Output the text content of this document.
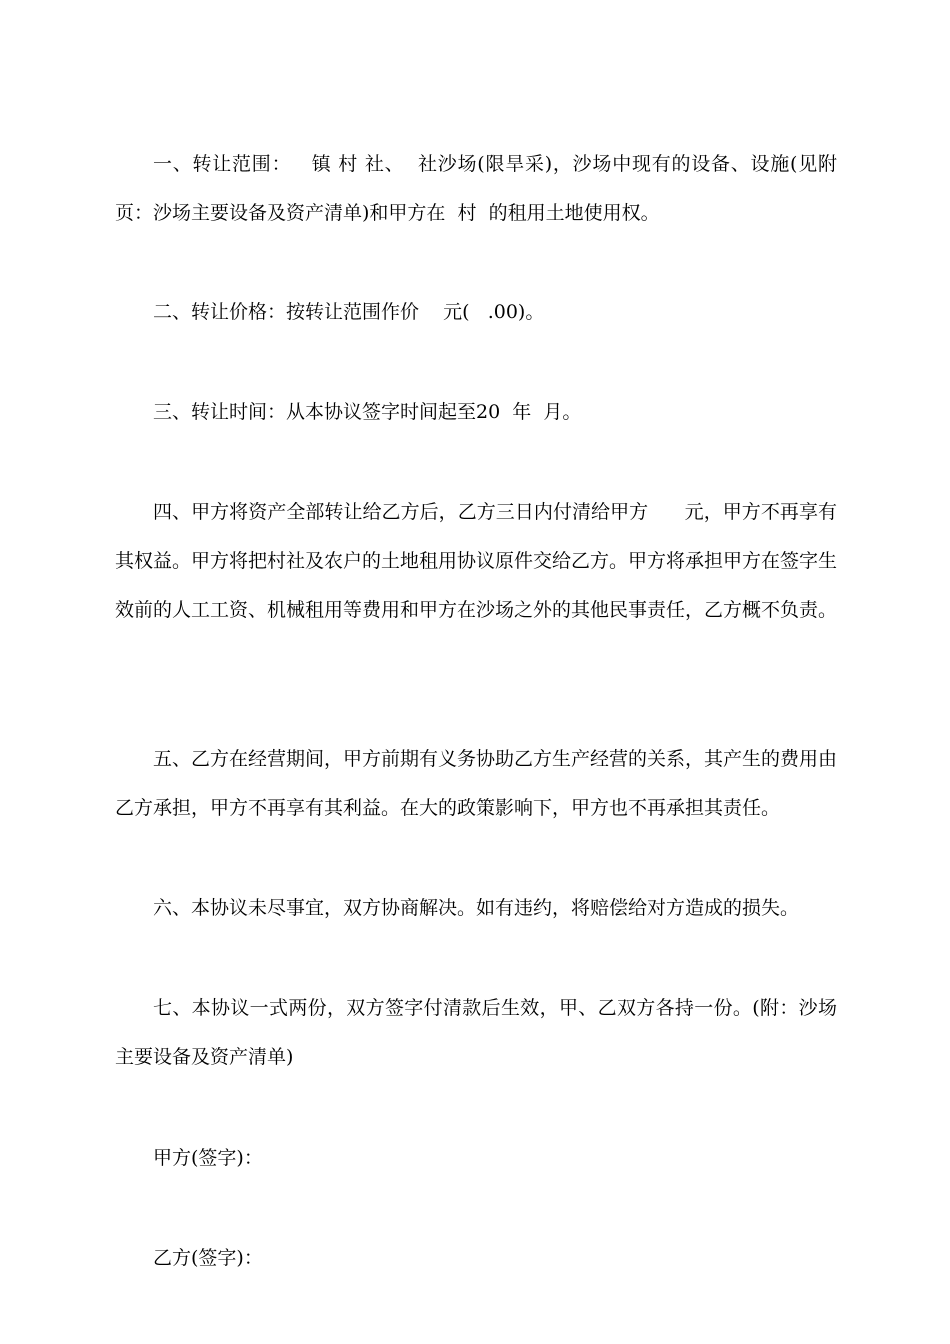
一、转让范围：   镇 村 社、  社沙场(限旱采)，沙场中现有的设备、设施(见附页：沙场主要设备及资产清单)和甲方在  村  的租用土地使用权。

二、转让价格：按转让范围作价    元(   .00)。

三、转让时间：从本协议签字时间起至20  年  月。

四、甲方将资产全部转让给乙方后，乙方三日内付清给甲方      元，甲方不再享有其权益。甲方将把村社及农户的土地租用协议原件交给乙方。甲方将承担甲方在签字生效前的人工工资、机械租用等费用和甲方在沙场之外的其他民事责任，乙方概不负责。

五、乙方在经营期间，甲方前期有义务协助乙方生产经营的关系，其产生的费用由乙方承担，甲方不再享有其利益。在大的政策影响下，甲方也不再承担其责任。

六、本协议未尽事宜，双方协商解决。如有违约，将赔偿给对方造成的损失。

七、本协议一式两份，双方签字付清款后生效，甲、乙双方各持一份。(附：沙场主要设备及资产清单)

甲方(签字)：

乙方(签字)：
